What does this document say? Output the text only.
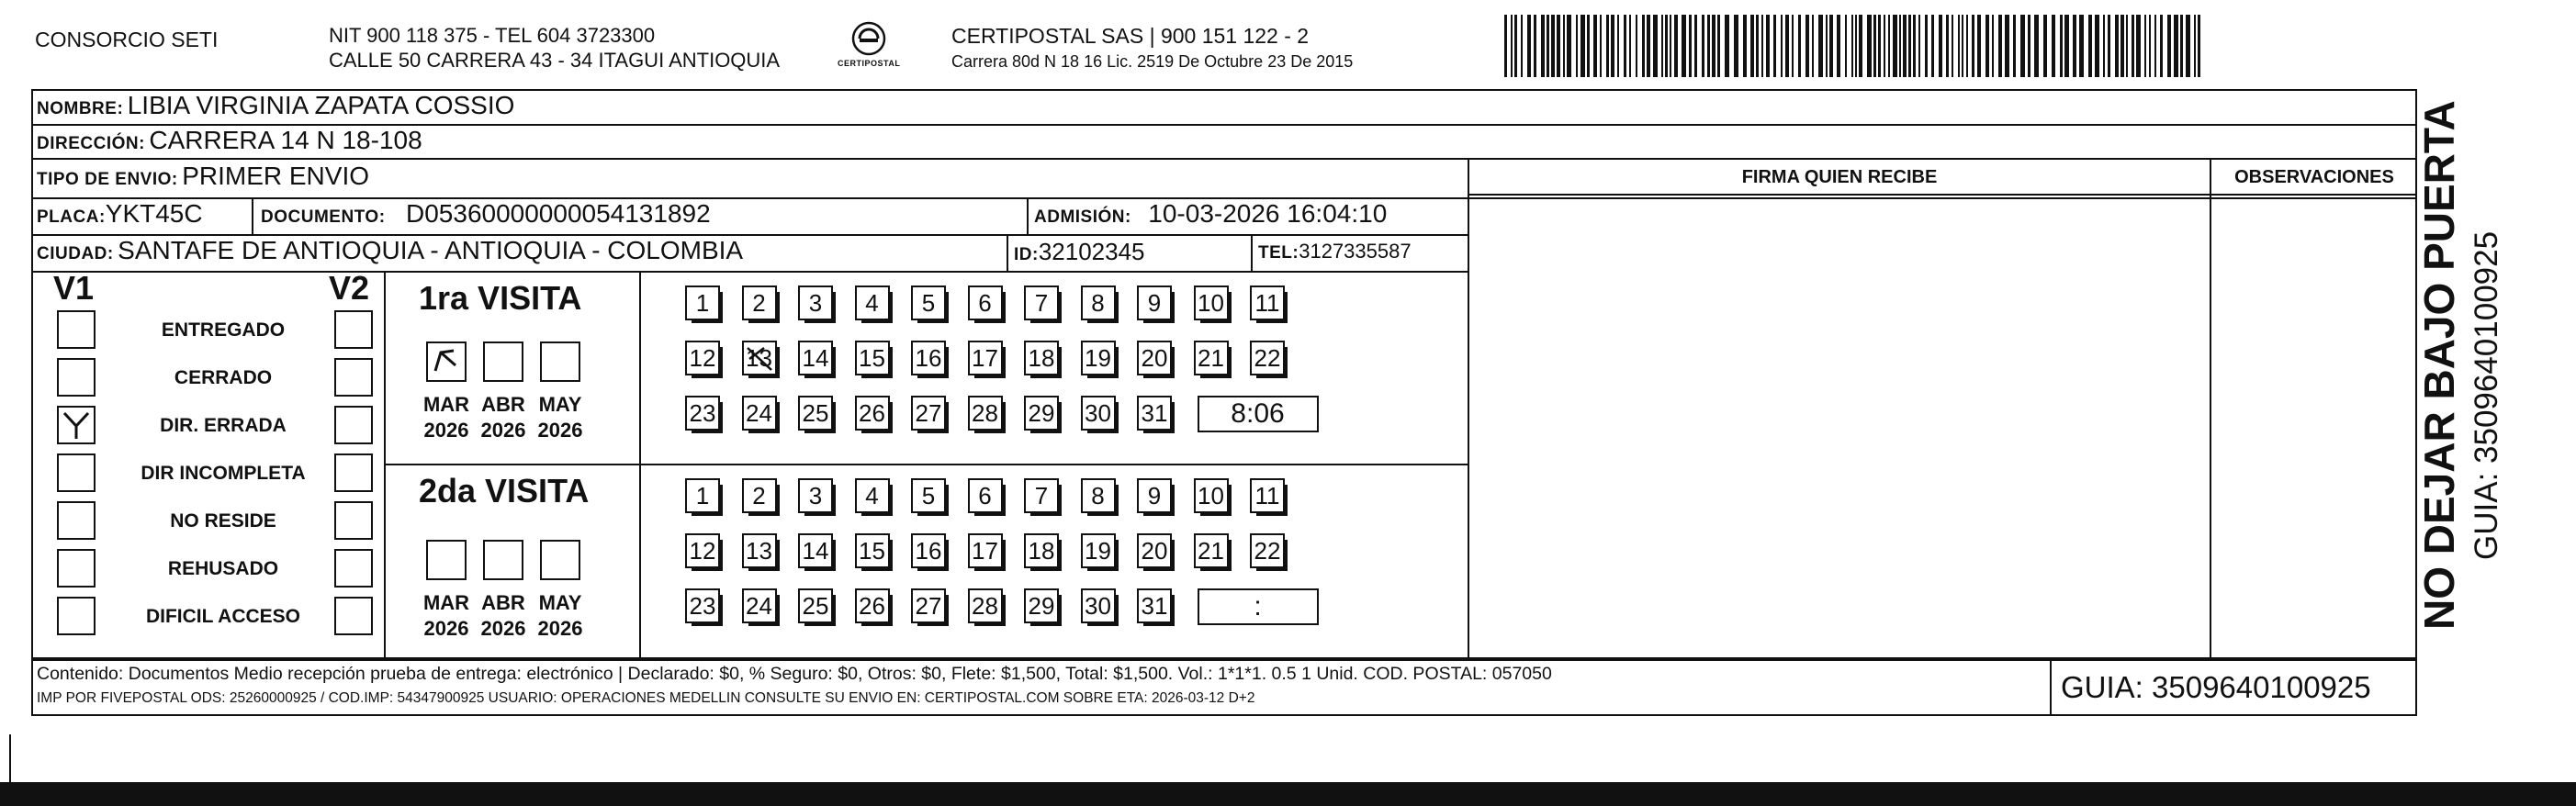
CONSORCIO SETI	NIT 900 118 375 - TEL 604 3723300
CALLE 50 CARRERA 43 - 34 ITAGUI ANTIOQUIA	CERTIPOSTAL
CERTIPOSTAL SAS | 900 151 122 - 2
Carrera 80d N 18 16 Lic. 2519 De Octubre 23 De 2015
NOMBRE: LIBIA VIRGINIA ZAPATA COSSIO
DIRECCIÓN: CARRERA 14 N 18-108
TIPO DE ENVIO: PRIMER ENVIO
PLACA:YKT45C	DOCUMENTO: D05360000000054131892	ADMISIÓN: 10-03-2026 16:04:10
CIUDAD: SANTAFE DE ANTIOQUIA - ANTIOQUIA - COLOMBIA	ID:32102345	TEL:3127335587
FIRMA QUIEN RECIBE	OBSERVACIONES
V1	V2
ENTREGADO
CERRADO
DIR. ERRADA
DIR INCOMPLETA
NO RESIDE
REHUSADO
DIFICIL ACCESO
1ra VISITA
MAR
2026
ABR
2026
MAY
2026
1	2	3	4	5	6	7	8	9	10 11
12 13 14 15 16 17 18 19 20 21 22
23 24 25 26 27 28 29 30 31	8:06
2da VISITA
MAR
2026
ABR
2026
MAY
2026
1	2	3	4	5	6	7	8	9	10 11
12 13 14 15 16 17 18 19 20 21 22
23 24 25 26 27 28 29 30 31	:
Contenido: Documentos Medio recepción prueba de entrega: electrónico | Declarado: $0, % Seguro: $0, Otros: $0, Flete: $1,500, Total: $1,500. Vol.: 1*1*1. 0.5 1 Unid. COD. POSTAL: 057050
IMP POR FIVEPOSTAL ODS: 25260000925 / COD.IMP: 54347900925 USUARIO: OPERACIONES MEDELLIN CONSULTE SU ENVIO EN: CERTIPOSTAL.COM SOBRE ETA: 2026-03-12 D+2	GUIA: 3509640100925
NO DEJAR BAJO PUERTA GUIA: 3509640100925
